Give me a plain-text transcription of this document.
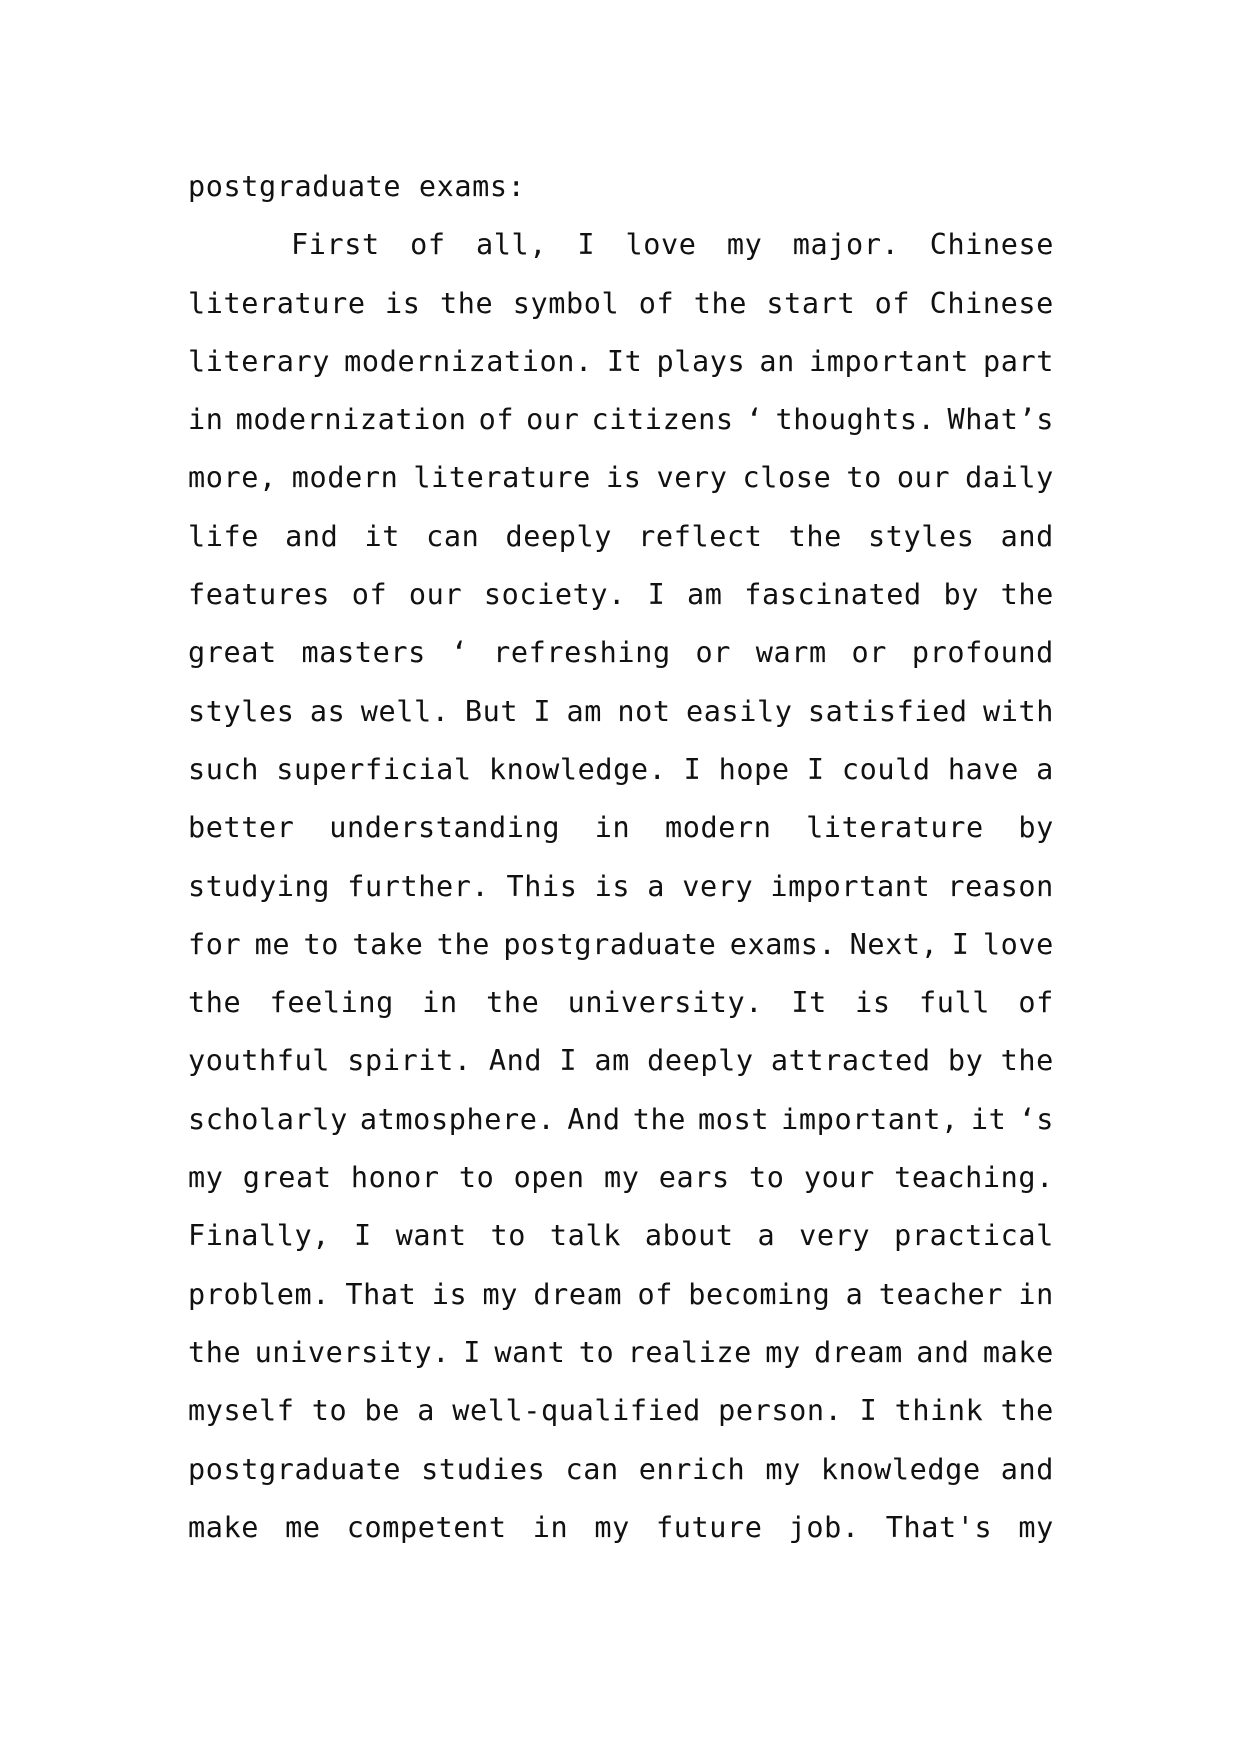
postgraduate exams:
First of all, I love my major. Chinese
literature is the symbol of the start of Chinese
literary modernization. It plays an important part
in modernization of our citizens ‘ thoughts. What’s
more, modern literature is very close to our daily
life and it can deeply reflect the styles and
features of our society. I am fascinated by the
great masters ‘ refreshing or warm or profound
styles as well. But I am not easily satisfied with
such superficial knowledge. I hope I could have a
better understanding in modern literature by
studying further. This is a very important reason
for me to take the postgraduate exams. Next, I love
the feeling in the university. It is full of
youthful spirit. And I am deeply attracted by the
scholarly atmosphere. And the most important, it ‘s
my great honor to open my ears to your teaching.
Finally, I want to talk about a very practical
problem. That is my dream of becoming a teacher in
the university. I want to realize my dream and make
myself to be a well-qualified person. I think the
postgraduate studies can enrich my knowledge and
make me competent in my future job. That's my
